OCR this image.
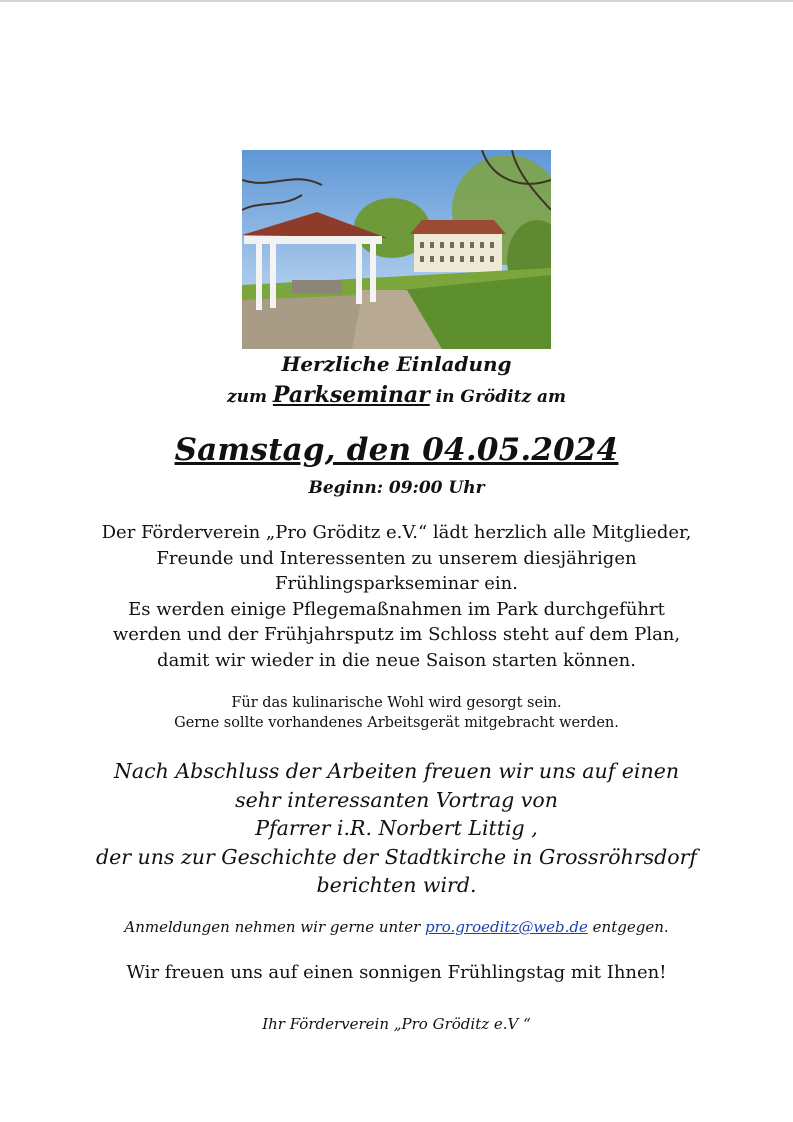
Herzliche Einladung
zum Parkseminar in Gröditz am
Samstag, den 04.05.2024
Beginn: 09:00 Uhr
Der Förderverein „Pro Gröditz e.V.“ lädt herzlich alle Mitglieder,
Freunde und Interessenten zu unserem diesjährigen
Frühlingsparkseminar ein.
Es werden einige Pflegemaßnahmen im Park durchgeführt
werden und der Frühjahrsputz im Schloss steht auf dem Plan,
damit wir wieder in die neue Saison starten können.
Für das kulinarische Wohl wird gesorgt sein.
Gerne sollte vorhandenes Arbeitsgerät mitgebracht werden.
Nach Abschluss der Arbeiten freuen wir uns auf einen
sehr interessanten Vortrag von
Pfarrer i.R. Norbert Littig ,
der uns zur Geschichte der Stadtkirche in Grossröhrsdorf
berichten wird.
Anmeldungen nehmen wir gerne unter pro.groeditz@web.de entgegen.
Wir freuen uns auf einen sonnigen Frühlingstag mit Ihnen!
Ihr Förderverein „Pro Gröditz e.V “
